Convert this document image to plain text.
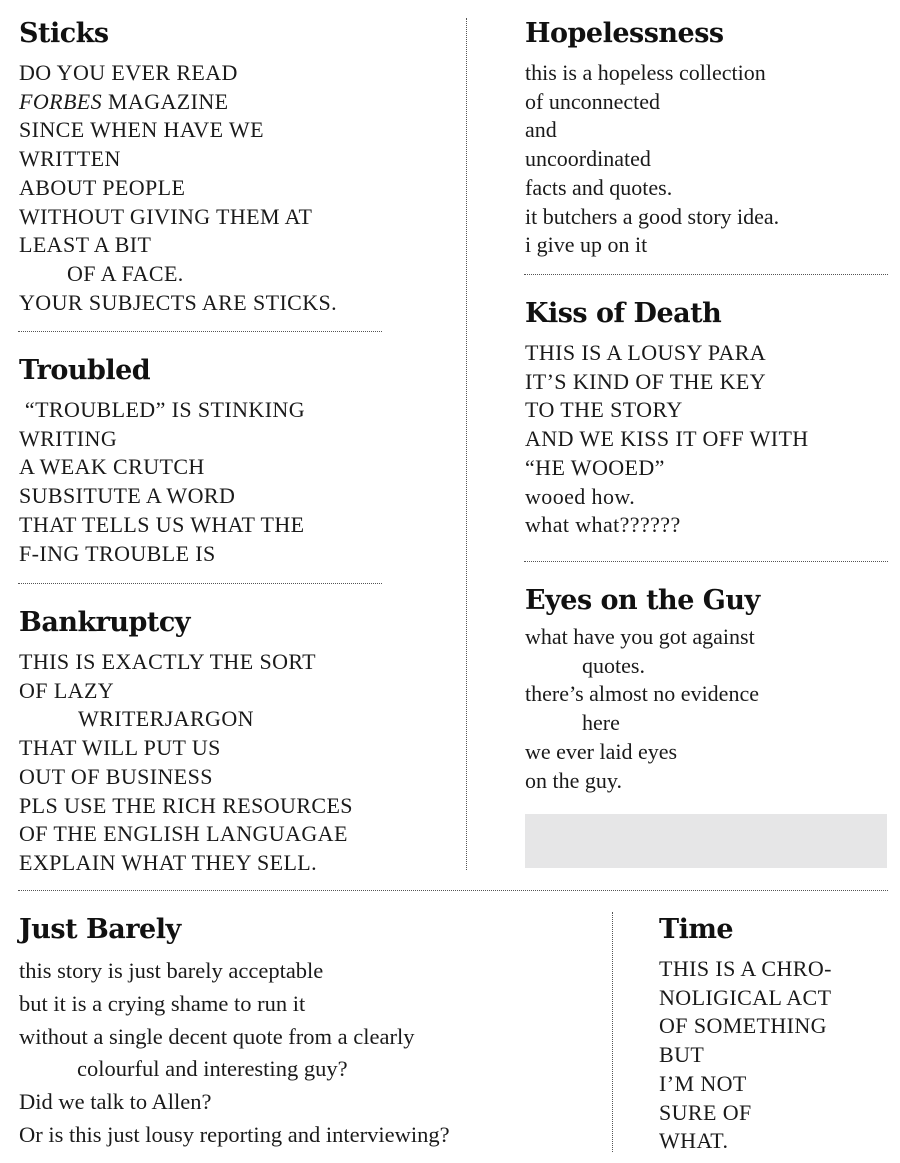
Sticks
DO YOU EVER READ
FORBES MAGAZINE
SINCE WHEN HAVE WE
WRITTEN
ABOUT PEOPLE
WITHOUT GIVING THEM AT
LEAST A BIT
OF A FACE.
YOUR SUBJECTS ARE STICKS.
Troubled
“TROUBLED” IS STINKING
WRITING
A WEAK CRUTCH
SUBSITUTE A WORD
THAT TELLS US WHAT THE
F-ING TROUBLE IS
Bankruptcy
THIS IS EXACTLY THE SORT
OF LAZY
WRITERJARGON
THAT WILL PUT US
OUT OF BUSINESS
PLS USE THE RICH RESOURCES
OF THE ENGLISH LANGUAGAE
EXPLAIN WHAT THEY SELL.
Hopelessness
this is a hopeless collection
of unconnected
and
uncoordinated
facts and quotes.
it butchers a good story idea.
i give up on it
Kiss of Death
THIS IS A LOUSY PARA
IT’S KIND OF THE KEY
TO THE STORY
AND WE KISS IT OFF WITH
“HE WOOED”
wooed how.
what what??????
Eyes on the Guy
what have you got against
quotes.
there’s almost no evidence
here
we ever laid eyes
on the guy.
Just Barely
this story is just barely acceptable
but it is a crying shame to run it
without a single decent quote from a clearly
colourful and interesting guy?
Did we talk to Allen?
Or is this just lousy reporting and interviewing?
Time
THIS IS A CHRO-
NOLIGICAL ACT
OF SOMETHING
BUT
I’M NOT
SURE OF
WHAT.
